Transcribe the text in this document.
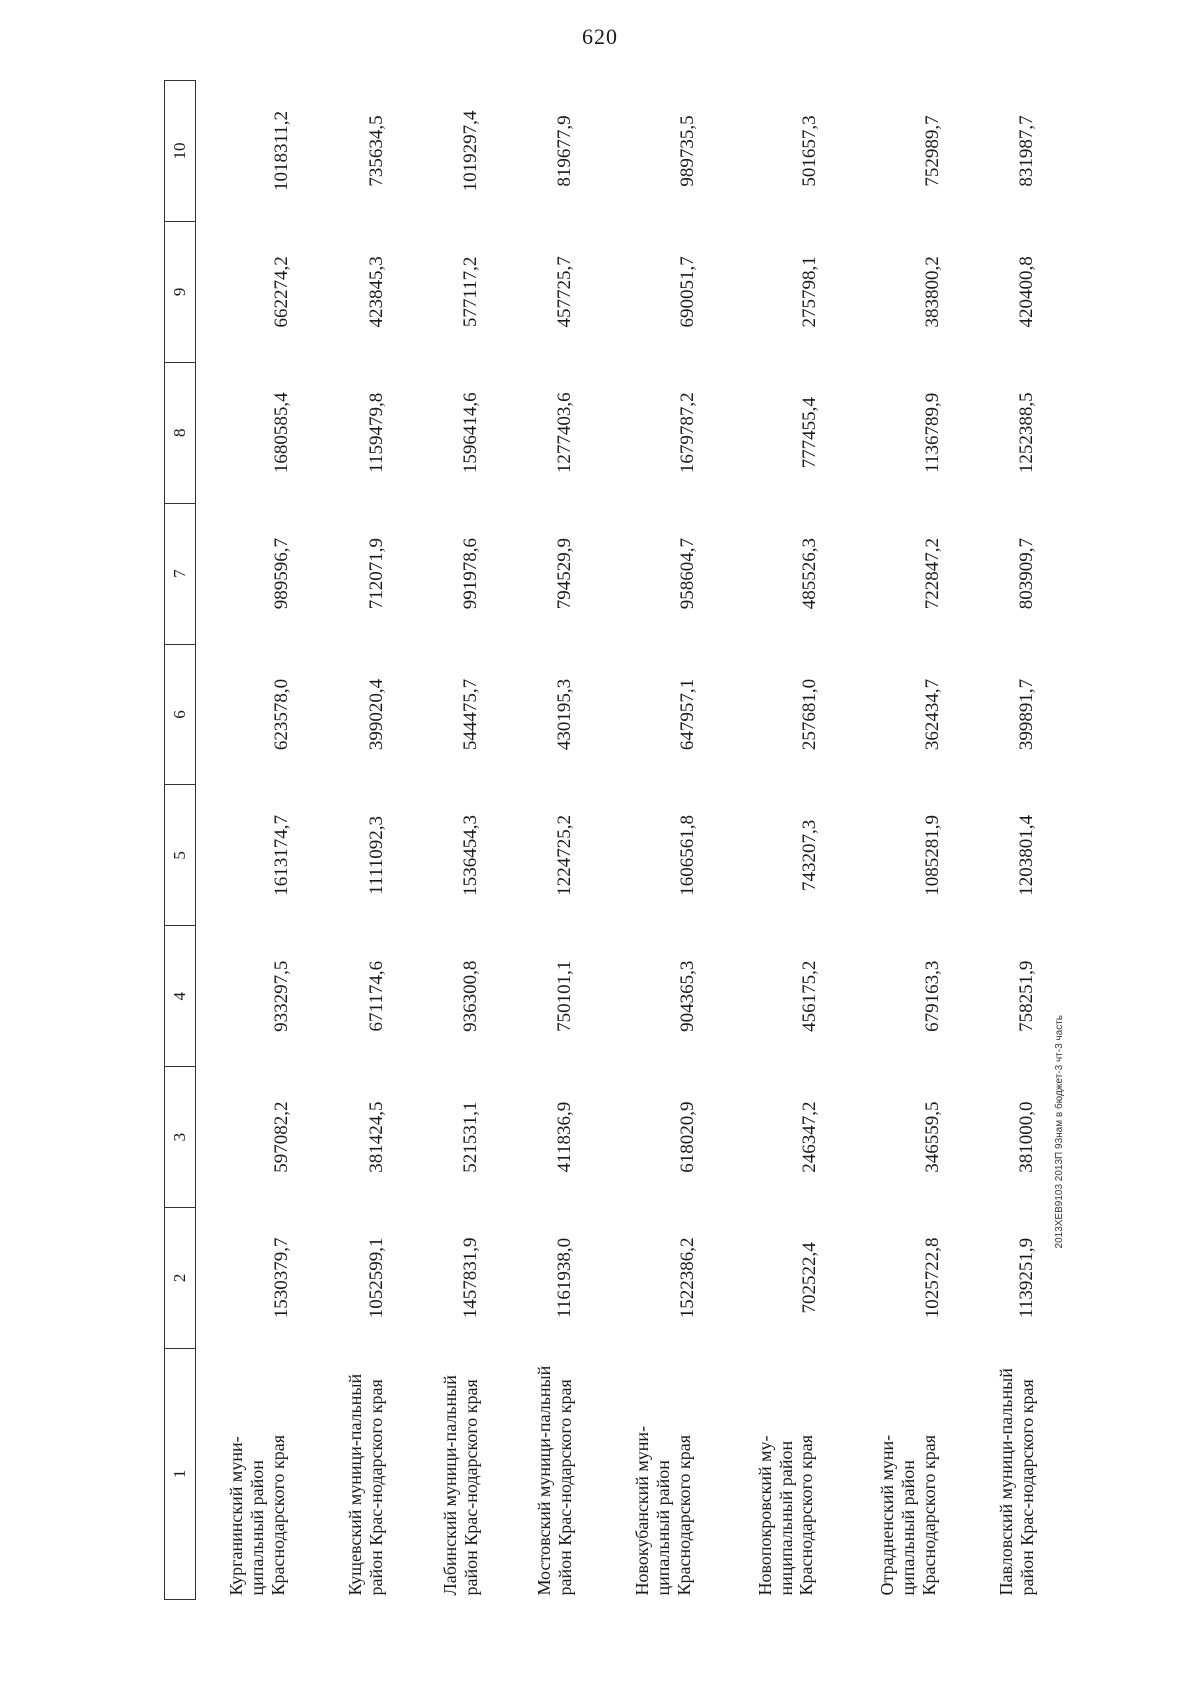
620
1	2	3	4	5	6	7	8	9	10
Курганинский муни-ципальный район Краснодарского края	1530379,7	597082,2	933297,5	1613174,7	623578,0	989596,7	1680585,4	662274,2	1018311,2
Кущевский муници-пальный район Крас-нодарского края	1052599,1	381424,5	671174,6	1111092,3	399020,4	712071,9	1159479,8	423845,3	735634,5
Лабинский муници-пальный район Крас-нодарского края	1457831,9	521531,1	936300,8	1536454,3	544475,7	991978,6	1596414,6	577117,2	1019297,4
Мостовский муници-пальный район Крас-нодарского края	1161938,0	411836,9	750101,1	1224725,2	430195,3	794529,9	1277403,6	457725,7	819677,9
Новокубанский муни-ципальный район Краснодарского края	1522386,2	618020,9	904365,3	1606561,8	647957,1	958604,7	1679787,2	690051,7	989735,5
Новопокровский му-ниципальный район Краснодарского края	702522,4	246347,2	456175,2	743207,3	257681,0	485526,3	777455,4	275798,1	501657,3
Отрадненский муни-ципальный район Краснодарского края	1025722,8	346559,5	679163,3	1085281,9	362434,7	722847,2	1136789,9	383800,2	752989,7
Павловский муници-пальный район Крас-нодарского края	1139251,9	381000,0	758251,9	1203801,4	399891,7	803909,7	1252388,5	420400,8	831987,7
2013XEB9103 2013П 93нам в бюджет-3 чт-3 часть
